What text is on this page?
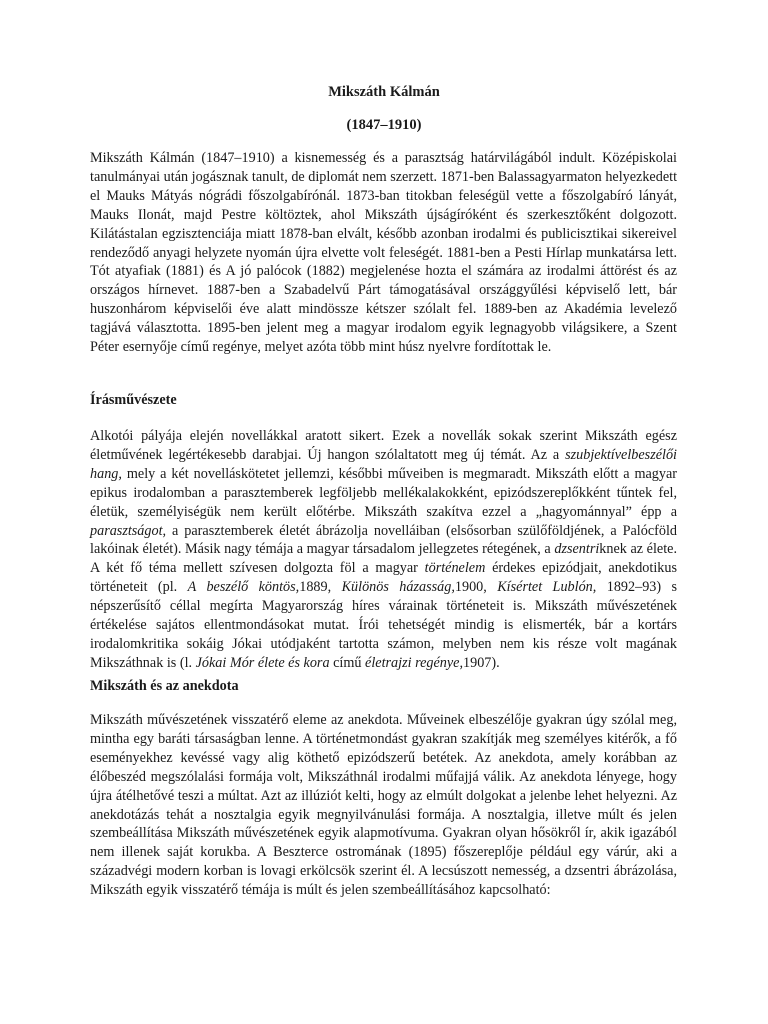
Mikszáth Kálmán

(1847–1910)

Mikszáth Kálmán (1847–1910) a kisnemesség és a parasztság határvilágából indult. Középiskolai tanulmányai után jogásznak tanult, de diplomát nem szerzett. 1871-ben Balassagyarmaton helyezkedett el Mauks Mátyás nógrádi főszolgabírónál. 1873-ban titokban feleségül vette a főszolgabíró lányát, Mauks Ilonát, majd Pestre költöztek, ahol Mikszáth újságíróként és szerkesztőként dolgozott. Kilátástalan egzisztenciája miatt 1878-ban elvált, később azonban irodalmi és publicisztikai sikereivel rendeződő anyagi helyzete nyomán újra elvette volt feleségét. 1881-ben a Pesti Hírlap munkatársa lett. Tót atyafiak (1881) és A jó palócok (1882) megjelenése hozta el számára az irodalmi áttörést és az országos hírnevet. 1887-ben a Szabadelvű Párt támogatásával országgyűlési képviselő lett, bár huszonhárom képviselői éve alatt mindössze kétszer szólalt fel. 1889-ben az Akadémia levelező tagjává választotta. 1895-ben jelent meg a magyar irodalom egyik legnagyobb világsikere, a Szent Péter esernyője című regénye, melyet azóta több mint húsz nyelvre fordítottak le.

Írásművészete

Alkotói pályája elején novellákkal aratott sikert. Ezek a novellák sokak szerint Mikszáth egész életművének legértékesebb darabjai. Új hangon szólaltatott meg új témát. Az a szubjektívelbeszélői hang, mely a két novelláskötetet jellemzi, későbbi műveiben is megmaradt. Mikszáth előtt a magyar epikus irodalomban a parasztemberek legföljebb mellékalakokként, epizódszereplőkként tűntek fel, életük, személyiségük nem került előtérbe. Mikszáth szakítva ezzel a „hagyománnyal” épp a parasztságot, a parasztemberek életét ábrázolja novelláiban (elsősorban szülőföldjének, a Palócföld lakóinak életét). Másik nagy témája a magyar társadalom jellegzetes rétegének, a dzsentriknek az élete. A két fő téma mellett szívesen dolgozta föl a magyar történelem érdekes epizódjait, anekdotikus történeteit (pl. A beszélő köntös,1889, Különös házasság,1900, Kísértet Lublón, 1892–93) s népszerűsítő céllal megírta Magyarország híres várainak történeteit is. Mikszáth művészetének értékelése sajátos ellentmondásokat mutat. Írói tehetségét mindig is elismerték, bár a kortárs irodalomkritika sokáig Jókai utódjaként tartotta számon, melyben nem kis része volt magának Mikszáthnak is (l. Jókai Mór élete és kora című életrajzi regénye,1907).

Mikszáth és az anekdota

Mikszáth művészetének visszatérő eleme az anekdota. Műveinek elbeszélője gyakran úgy szólal meg, mintha egy baráti társaságban lenne. A történetmondást gyakran szakítják meg személyes kitérők, a fő eseményekhez kevéssé vagy alig köthető epizódszerű betétek. Az anekdota, amely korábban az élőbeszéd megszólalási formája volt, Mikszáthnál irodalmi műfajjá válik. Az anekdota lényege, hogy újra átélhetővé teszi a múltat. Azt az illúziót kelti, hogy az elmúlt dolgokat a jelenbe lehet helyezni. Az anekdotázás tehát a nosztalgia egyik megnyilvánulási formája. A nosztalgia, illetve múlt és jelen szembeállítása Mikszáth művészetének egyik alapmotívuma. Gyakran olyan hősökről ír, akik igazából nem illenek saját korukba. A Beszterce ostromának (1895) főszereplője például egy várúr, aki a századvégi modern korban is lovagi erkölcsök szerint él. A lecsúszott nemesség, a dzsentri ábrázolása, Mikszáth egyik visszatérő témája is múlt és jelen szembeállításához kapcsolható:
